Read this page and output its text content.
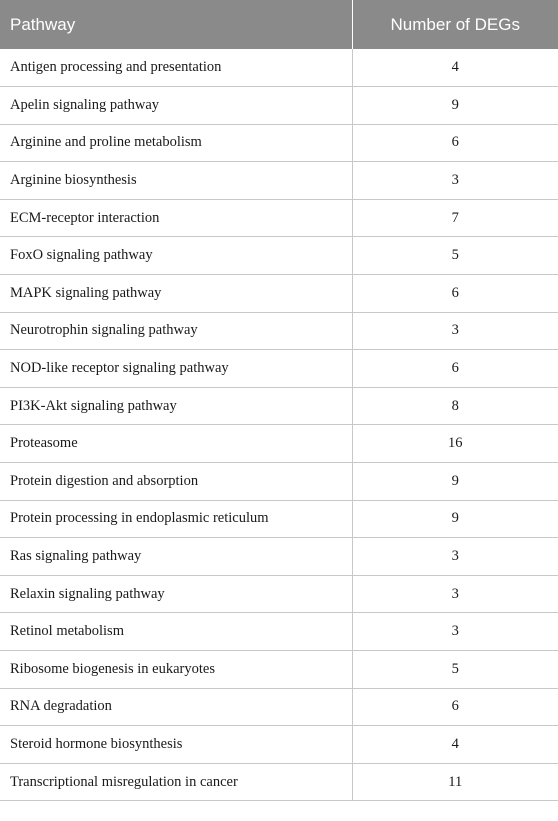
Pathway	Number of DEGs
Antigen processing and presentation	4
Apelin signaling pathway	9
Arginine and proline metabolism	6
Arginine biosynthesis	3
ECM-receptor interaction	7
FoxO signaling pathway	5
MAPK signaling pathway	6
Neurotrophin signaling pathway	3
NOD-like receptor signaling pathway	6
PI3K-Akt signaling pathway	8
Proteasome	16
Protein digestion and absorption	9
Protein processing in endoplasmic reticulum	9
Ras signaling pathway	3
Relaxin signaling pathway	3
Retinol metabolism	3
Ribosome biogenesis in eukaryotes	5
RNA degradation	6
Steroid hormone biosynthesis	4
Transcriptional misregulation in cancer	11
